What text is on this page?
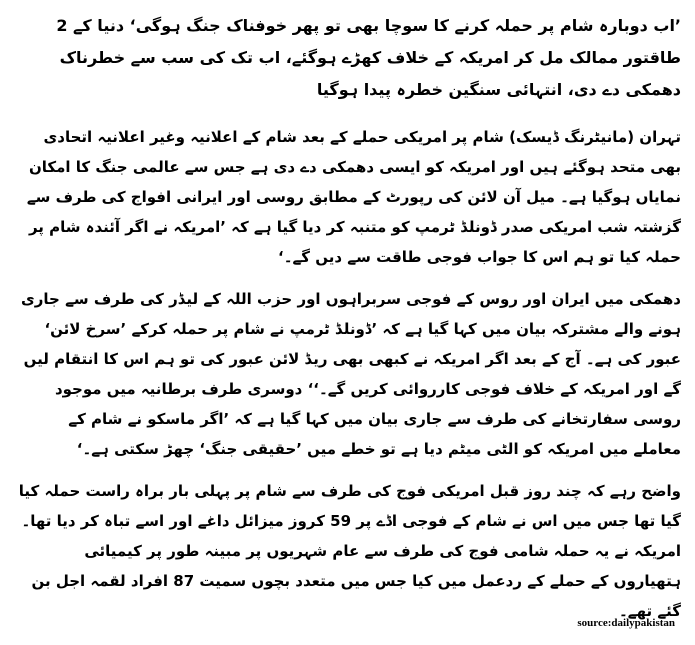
’اب دوبارہ شام پر حملہ کرنے کا سوچا بھی تو پھر خوفناک جنگ ہوگی‘ دنیا کے 2 طاقتور ممالک مل کر امریکہ کے خلاف کھڑے ہوگئے، اب تک کی سب سے خطرناک دھمکی دے دی، انتہائی سنگین خطرہ پیدا ہوگیا

تہران (مانیٹرنگ ڈیسک) شام پر امریکی حملے کے بعد شام کے اعلانیہ وغیر اعلانیہ اتحادی بھی متحد ہوگئے ہیں اور امریکہ کو ایسی دھمکی دے دی ہے جس سے عالمی جنگ کا امکان نمایاں ہوگیا ہے۔ میل آن لائن کی رپورٹ کے مطابق روسی اور ایرانی افواج کی طرف سے گزشتہ شب امریکی صدر ڈونلڈ ٹرمپ کو متنبہ کر دیا گیا ہے کہ ’امریکہ نے اگر آئندہ شام پر حملہ کیا تو ہم اس کا جواب فوجی طاقت سے دیں گے۔‘

دھمکی میں ایران اور روس کے فوجی سربراہوں اور حزب اللہ کے لیڈر کی طرف سے جاری ہونے والے مشترکہ بیان میں کہا گیا ہے کہ ’ڈونلڈ ٹرمپ نے شام پر حملہ کرکے ’سرخ لائن‘ عبور کی ہے۔ آج کے بعد اگر امریکہ نے کبھی بھی ریڈ لائن عبور کی تو ہم اس کا انتقام لیں گے اور امریکہ کے خلاف فوجی کارروائی کریں گے۔‘‘ دوسری طرف برطانیہ میں موجود روسی سفارتخانے کی طرف سے جاری بیان میں کہا گیا ہے کہ ’اگر ماسکو نے شام کے معاملے میں امریکہ کو الٹی میٹم دیا ہے تو خطے میں ’حقیقی جنگ‘ چھڑ سکتی ہے۔‘

واضح رہے کہ چند روز قبل امریکی فوج کی طرف سے شام پر پہلی بار براہ راست حملہ کیا گیا تھا جس میں اس نے شام کے فوجی اڈے پر 59 کروز میزائل داغے اور اسے تباہ کر دیا تھا۔ امریکہ نے یہ حملہ شامی فوج کی طرف سے عام شہریوں پر مبینہ طور پر کیمیائی ہتھیاروں کے حملے کے ردعمل میں کیا جس میں متعدد بچوں سمیت 87 افراد لقمہ اجل بن گئے تھے۔

source:dailypakistan
